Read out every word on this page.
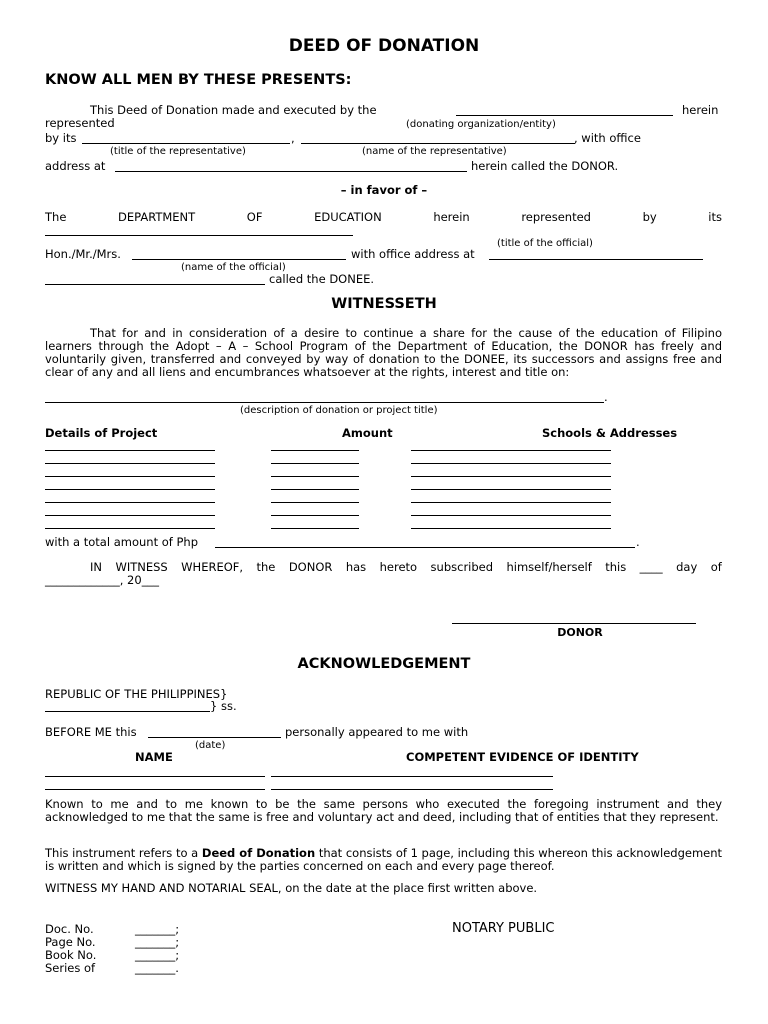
DEED OF DONATION
KNOW ALL MEN BY THESE PRESENTS:
This Deed of Donation made and executed by the	herein
represented	(donating organization/entity)
by its	,	, with office
(title of the representative)	(name of the representative)
address at	herein called the DONOR.
– in favor of –
The	DEPARTMENT	OF	EDUCATION	herein	represented	by	its
(title of the official)
Hon./Mr./Mrs.	with office address at
(name of the official)
called the DONEE.
WITNESSETH
That for and in consideration of a desire to continue a share for the cause of the education of Filipino learners through the Adopt – A – School Program of the Department of Education, the DONOR has freely and voluntarily given, transferred and conveyed by way of donation to the DONEE, its successors and assigns free and clear of any and all liens and encumbrances whatsoever at the rights, interest and title on:
.
(description of donation or project title)
Details of Project	Amount	Schools & Addresses
with a total amount of Php	.
IN WITNESS WHEREOF, the DONOR has hereto subscribed himself/herself this ____ day of
_____________, 20___
DONOR
ACKNOWLEDGEMENT
REPUBLIC OF THE PHILIPPINES}
} ss.
BEFORE ME this	personally appeared to me with
(date)
NAME	COMPETENT EVIDENCE OF IDENTITY
Known to me and to me known to be the same persons who executed the foregoing instrument and they acknowledged to me that the same is free and voluntary act and deed, including that of entities that they represent.
This instrument refers to a Deed of Donation that consists of 1 page, including this whereon this acknowledgement is written and which is signed by the parties concerned on each and every page thereof.
WITNESS MY HAND AND NOTARIAL SEAL, on the date at the place first written above.
Doc. No.	_______;
Page No.	_______;
Book No.	_______;
Series of	_______.
NOTARY PUBLIC
